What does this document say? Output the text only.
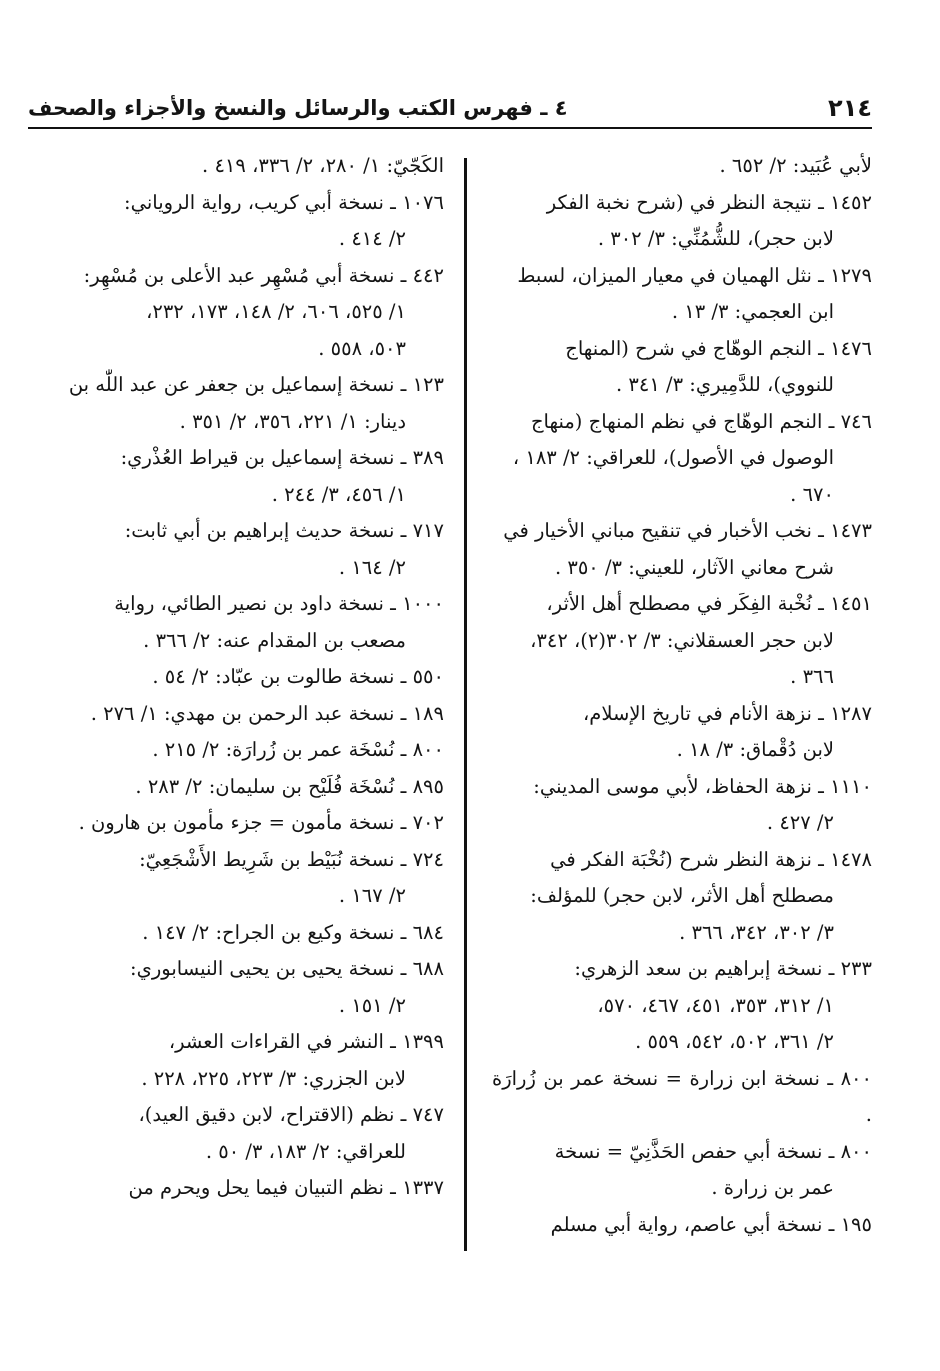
٢١٤
٤ ـ فهرس الكتب والرسائل والنسخ والأجزاء والصحف
لأبي عُبَيد: ٢/ ٦٥٢ .
١٤٥٢ ـ نتيجة النظر في (شرح نخبة الفكر
لابن حجر)، للشُّمُنِّي: ٣/ ٣٠٢ .
١٢٧٩ ـ نثل الهميان في معيار الميزان، لسبط
ابن العجمي: ٣/ ١٣ .
١٤٧٦ ـ النجم الوهّاج في شرح (المنهاج
للنووي)، للدَّمِيري: ٣/ ٣٤١ .
٧٤٦ ـ النجم الوهّاج في نظم المنهاج (منهاج
الوصول في الأصول)، للعراقي: ٢/ ١٨٣ ،
٦٧٠ .
١٤٧٣ ـ نخب الأخبار في تنقيح مباني الأخيار في
شرح معاني الآثار، للعيني: ٣/ ٣٥٠ .
١٤٥١ ـ نُخْبة الفِكَر في مصطلح أهل الأثر،
لابن حجر العسقلاني: ٣/ ٣٠٢(٢)، ٣٤٢،
٣٦٦ .
١٢٨٧ ـ نزهة الأنام في تاريخ الإسلام،
لابن دُقْماق: ٣/ ١٨ .
١١١٠ ـ نزهة الحفاظ، لأبي موسى المديني:
٢/ ٤٢٧ .
١٤٧٨ ـ نزهة النظر شرح (نُخْبَة الفكر في
مصطلح أهل الأثر، لابن حجر) للمؤلف:
٣/ ٣٠٢، ٣٤٢، ٣٦٦ .
٢٣٣ ـ نسخة إبراهيم بن سعد الزهري:
١/ ٣١٢، ٣٥٣، ٤٥١، ٤٦٧، ٥٧٠،
٢/ ٣٦١، ٥٠٢، ٥٤٢، ٥٥٩ .
٨٠٠ ـ نسخة ابن زرارة = نسخة عمر بن زُرارَة .
٨٠٠ ـ نسخة أبي حفص الحَذَّنِيّ = نسخة
عمر بن زرارة .
١٩٥ ـ نسخة أبي عاصم، رواية أبي مسلم
الكَجّيّ: ١/ ٢٨٠، ٢/ ٣٣٦، ٤١٩ .
١٠٧٦ ـ نسخة أبي كريب، رواية الروياني:
٢/ ٤١٤ .
٤٤٢ ـ نسخة أبي مُسْهِر عبد الأعلى بن مُسْهِر:
١/ ٥٢٥، ٦٠٦، ٢/ ١٤٨، ١٧٣، ٢٣٢،
٥٠٣، ٥٥٨ .
١٢٣ ـ نسخة إسماعيل بن جعفر عن عبد اللّٰه بن
دينار: ١/ ٢٢١، ٣٥٦، ٢/ ٣٥١ .
٣٨٩ ـ نسخة إسماعيل بن قيراط العُذْري:
١/ ٤٥٦، ٣/ ٢٤٤ .
٧١٧ ـ نسخة حديث إبراهيم بن أبي ثابت:
٢/ ١٦٤ .
١٠٠٠ ـ نسخة داود بن نصير الطائي، رواية
مصعب بن المقدام عنه: ٢/ ٣٦٦ .
٥٥٠ ـ نسخة طالوت بن عبّاد: ٢/ ٥٤ .
١٨٩ ـ نسخة عبد الرحمن بن مهدي: ١/ ٢٧٦ .
٨٠٠ ـ نُسْخَة عمر بن زُرارَة: ٢/ ٢١٥ .
٨٩٥ ـ نُسْخَة فُلَيْح بن سليمان: ٢/ ٢٨٣ .
٧٠٢ ـ نسخة مأمون = جزء مأمون بن هارون .
٧٢٤ ـ نسخة نُبَيْط بن شَرِيط الأَشْجَعِيّ:
٢/ ١٦٧ .
٦٨٤ ـ نسخة وكيع بن الجراح: ٢/ ١٤٧ .
٦٨٨ ـ نسخة يحيى بن يحيى النيسابوري:
٢/ ١٥١ .
١٣٩٩ ـ النشر في القراءات العشر،
لابن الجزري: ٣/ ٢٢٣، ٢٢٥، ٢٢٨ .
٧٤٧ ـ نظم (الاقتراح، لابن دقيق العيد)،
للعراقي: ٢/ ١٨٣، ٣/ ٥٠ .
١٣٣٧ ـ نظم التبيان فيما يحل ويحرم من
